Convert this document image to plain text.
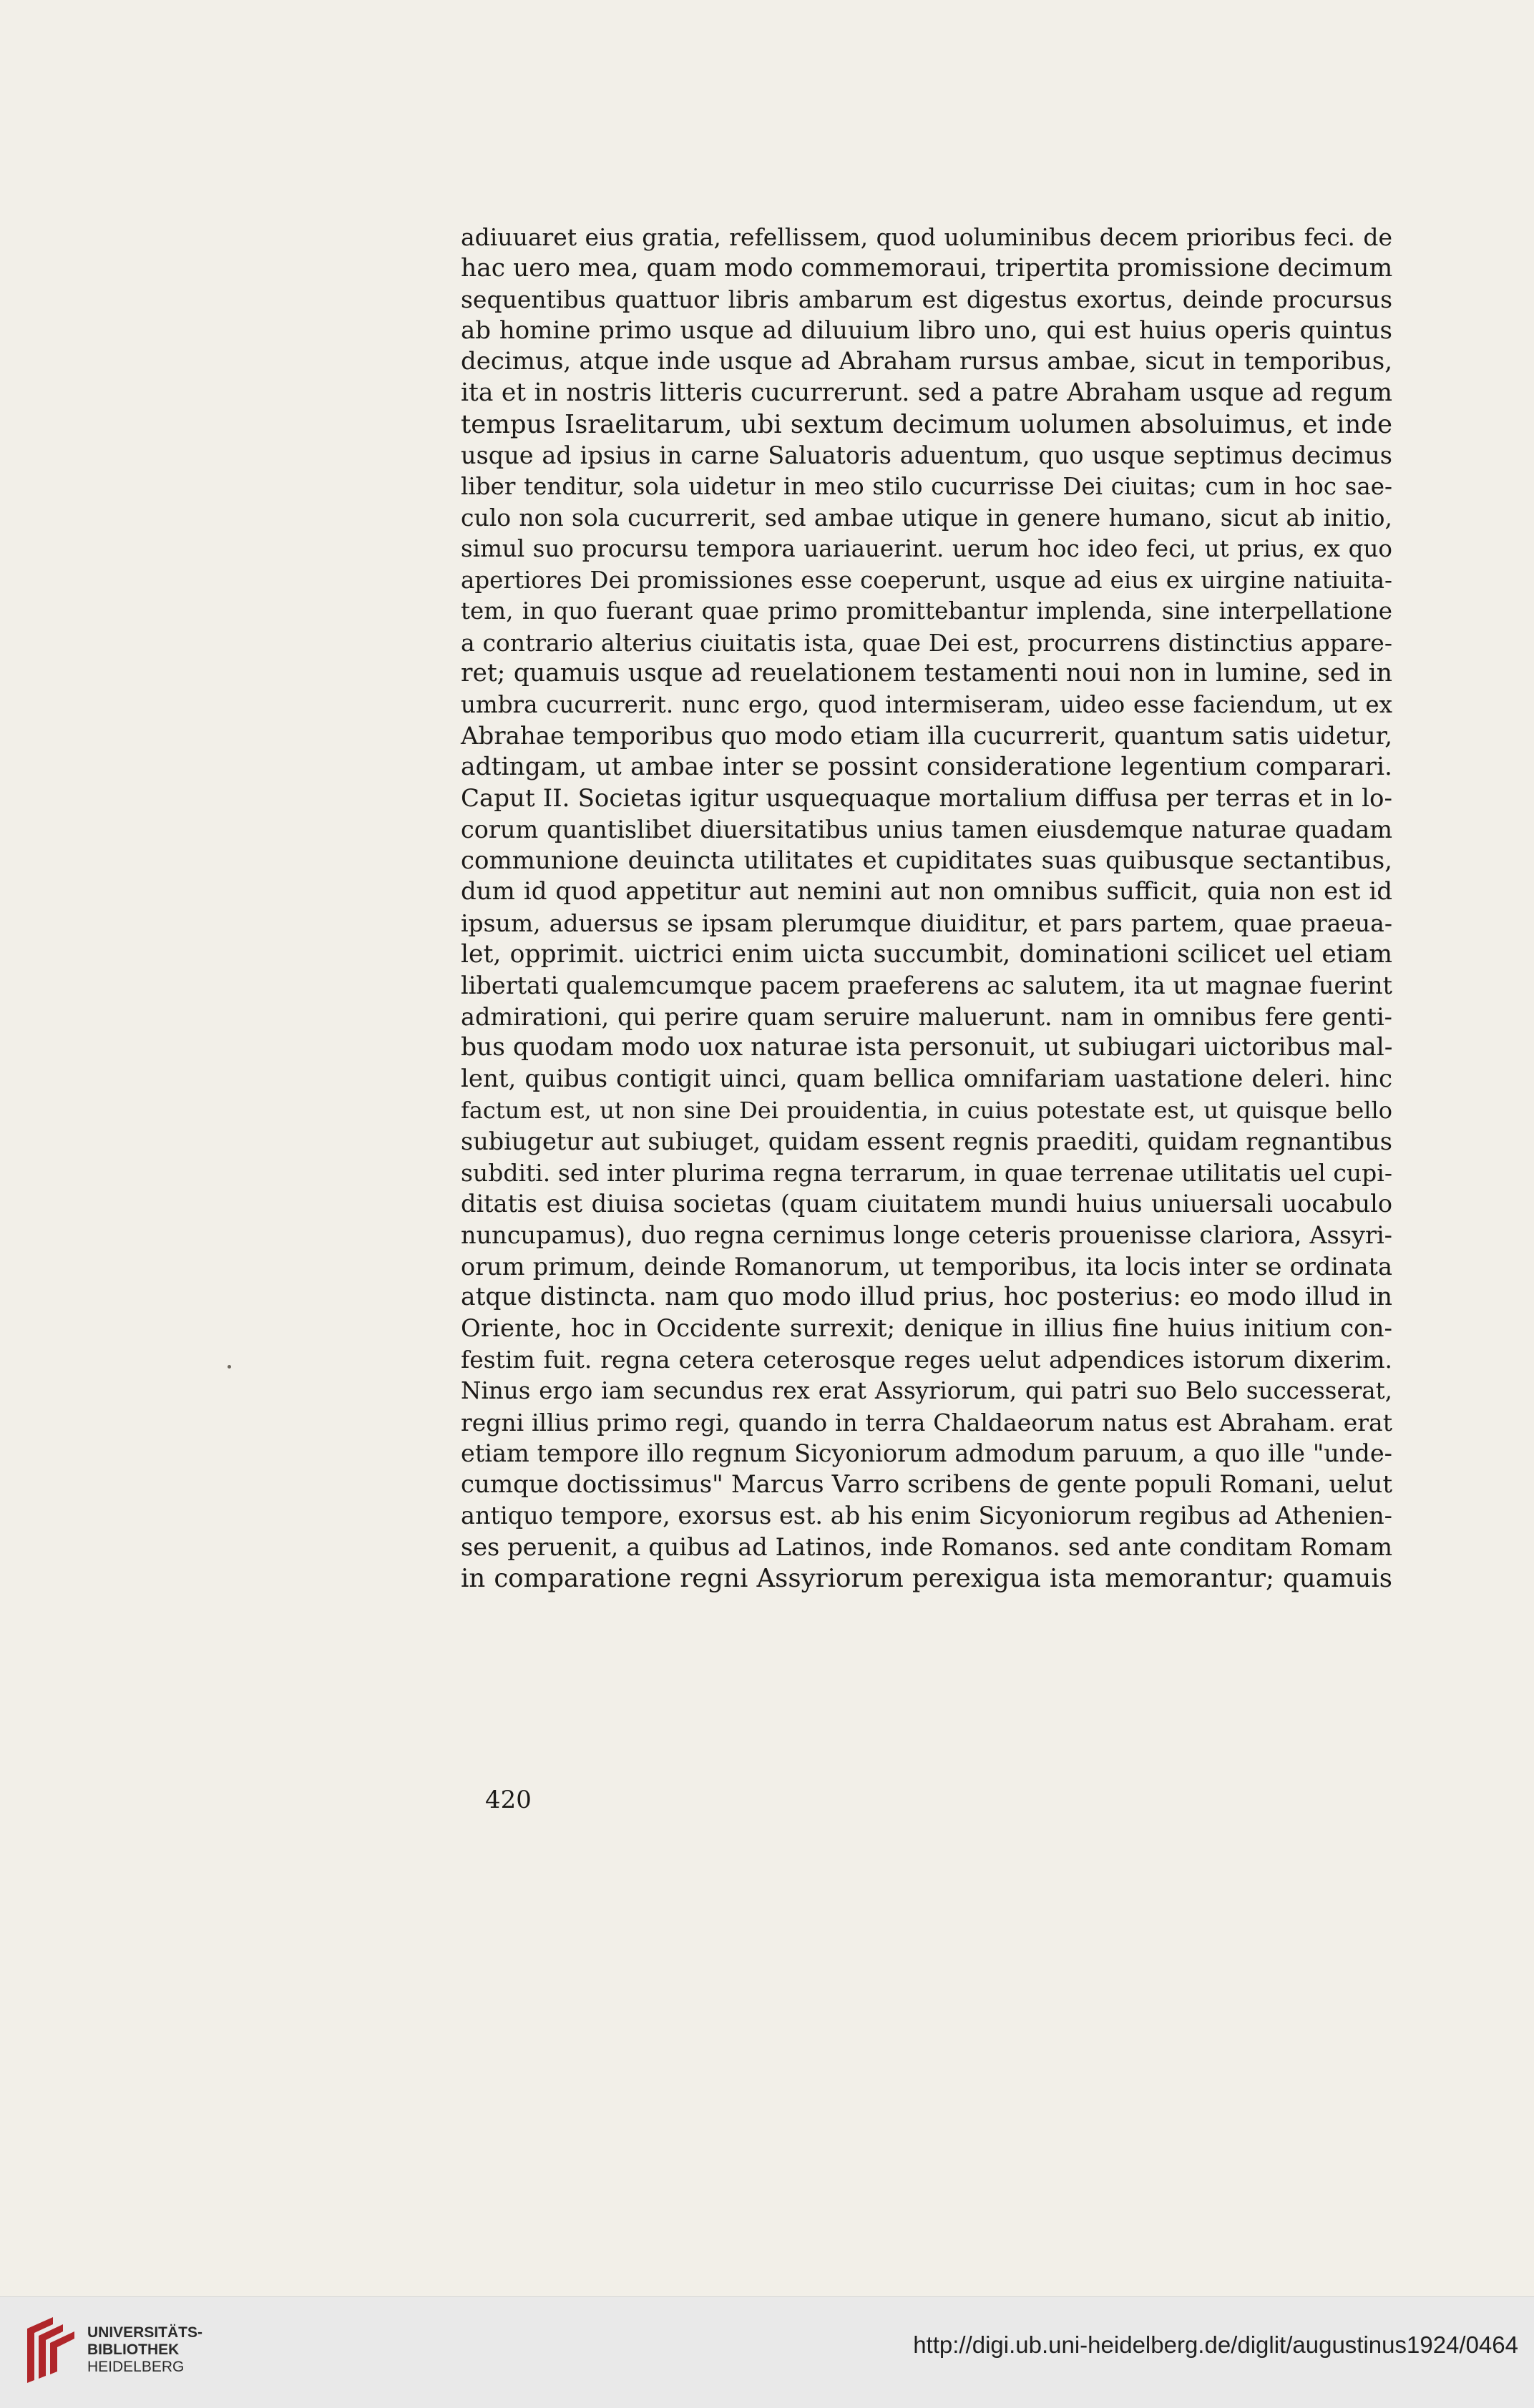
adiuuaret eius gratia, refellissem, quod uoluminibus decem prioribus feci. de
hac uero mea, quam modo commemoraui, tripertita promissione decimum
sequentibus quattuor libris ambarum est digestus exortus, deinde procursus
ab homine primo usque ad diluuium libro uno, qui est huius operis quintus
decimus, atque inde usque ad Abraham rursus ambae, sicut in temporibus,
ita et in nostris litteris cucurrerunt. sed a patre Abraham usque ad regum
tempus Israelitarum, ubi sextum decimum uolumen absoluimus, et inde
usque ad ipsius in carne Saluatoris aduentum, quo usque septimus decimus
liber tenditur, sola uidetur in meo stilo cucurrisse Dei ciuitas; cum in hoc sae-
culo non sola cucurrerit, sed ambae utique in genere humano, sicut ab initio,
simul suo procursu tempora uariauerint. uerum hoc ideo feci, ut prius, ex quo
apertiores Dei promissiones esse coeperunt, usque ad eius ex uirgine natiuita-
tem, in quo fuerant quae primo promittebantur implenda, sine interpellatione
a contrario alterius ciuitatis ista, quae Dei est, procurrens distinctius appare-
ret; quamuis usque ad reuelationem testamenti noui non in lumine, sed in
umbra cucurrerit. nunc ergo, quod intermiseram, uideo esse faciendum, ut ex
Abrahae temporibus quo modo etiam illa cucurrerit, quantum satis uidetur,
adtingam, ut ambae inter se possint consideratione legentium comparari.
Caput II. Societas igitur usquequaque mortalium diffusa per terras et in lo-
corum quantislibet diuersitatibus unius tamen eiusdemque naturae quadam
communione deuincta utilitates et cupiditates suas quibusque sectantibus,
dum id quod appetitur aut nemini aut non omnibus sufficit, quia non est id
ipsum, aduersus se ipsam plerumque diuiditur, et pars partem, quae praeua-
let, opprimit. uictrici enim uicta succumbit, dominationi scilicet uel etiam
libertati qualemcumque pacem praeferens ac salutem, ita ut magnae fuerint
admirationi, qui perire quam seruire maluerunt. nam in omnibus fere genti-
bus quodam modo uox naturae ista personuit, ut subiugari uictoribus mal-
lent, quibus contigit uinci, quam bellica omnifariam uastatione deleri. hinc
factum est, ut non sine Dei prouidentia, in cuius potestate est, ut quisque bello
subiugetur aut subiuget, quidam essent regnis praediti, quidam regnantibus
subditi. sed inter plurima regna terrarum, in quae terrenae utilitatis uel cupi-
ditatis est diuisa societas (quam ciuitatem mundi huius uniuersali uocabulo
nuncupamus), duo regna cernimus longe ceteris prouenisse clariora, Assyri-
orum primum, deinde Romanorum, ut temporibus, ita locis inter se ordinata
atque distincta. nam quo modo illud prius, hoc posterius: eo modo illud in
Oriente, hoc in Occidente surrexit; denique in illius fine huius initium con-
festim fuit. regna cetera ceterosque reges uelut adpendices istorum dixerim.
Ninus ergo iam secundus rex erat Assyriorum, qui patri suo Belo successerat,
regni illius primo regi, quando in terra Chaldaeorum natus est Abraham. erat
etiam tempore illo regnum Sicyoniorum admodum paruum, a quo ille "unde-
cumque doctissimus" Marcus Varro scribens de gente populi Romani, uelut
antiquo tempore, exorsus est. ab his enim Sicyoniorum regibus ad Athenien-
ses peruenit, a quibus ad Latinos, inde Romanos. sed ante conditam Romam
in comparatione regni Assyriorum perexigua ista memorantur; quamuis
420
UNIVERSITÄTS-
BIBLIOTHEK
HEIDELBERG
http://digi.ub.uni-heidelberg.de/diglit/augustinus1924/0464
